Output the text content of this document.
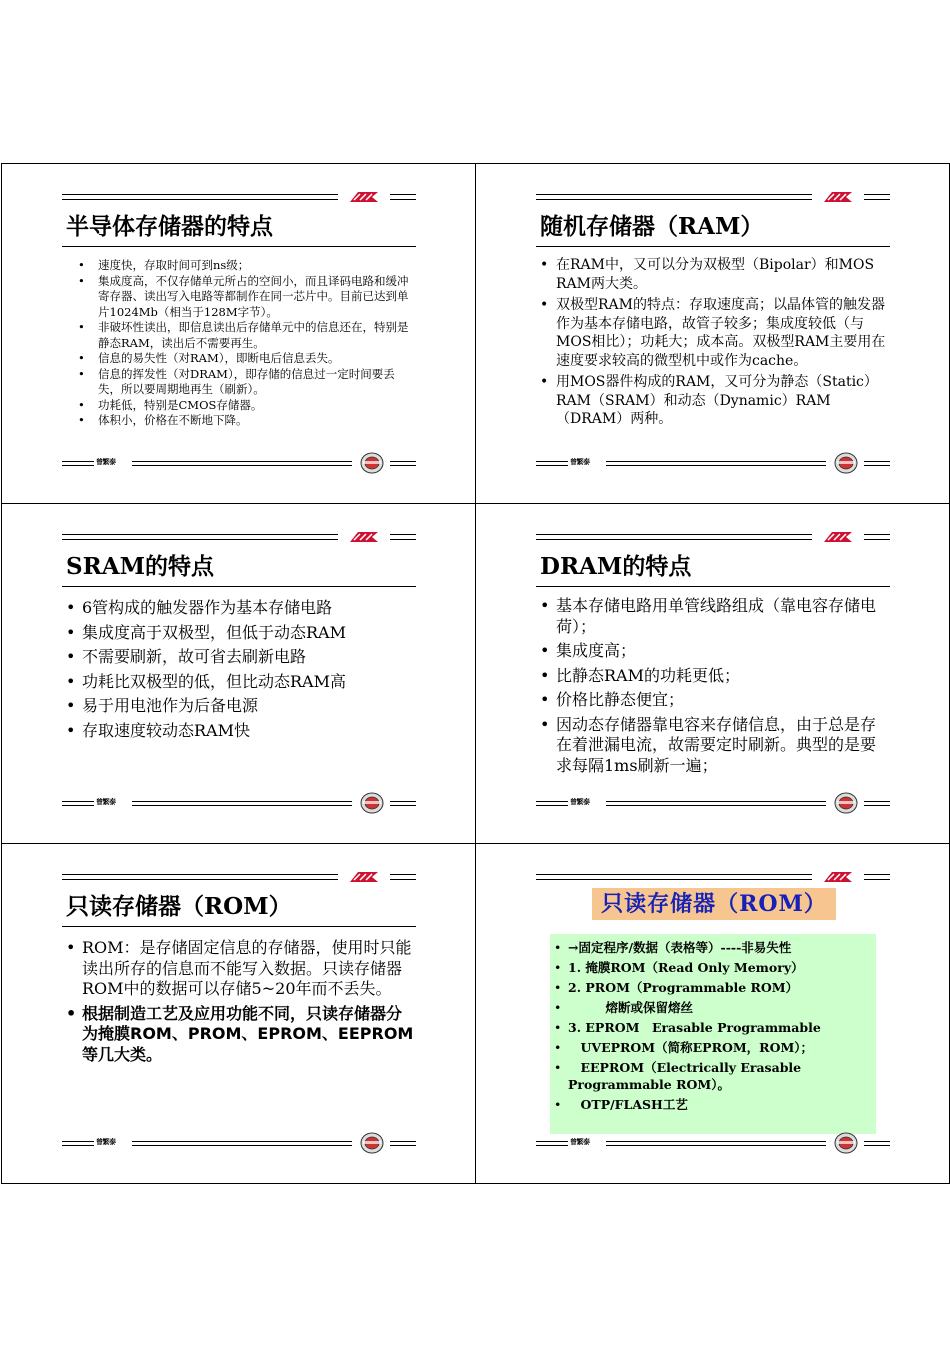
半导体存储器的特点
• 速度快，存取时间可到ns级；
• 集成度高，不仅存储单元所占的空间小，而且译码电路和缓冲寄存器、读出写入电路等都制作在同一芯片中。目前已达到单片1024Mb（相当于128M字节）。
• 非破坏性读出，即信息读出后存储单元中的信息还在，特别是静态RAM，读出后不需要再生。
• 信息的易失性（对RAM），即断电后信息丢失。
• 信息的挥发性（对DRAM），即存储的信息过一定时间要丢失，所以要周期地再生（刷新）。
• 功耗低，特别是CMOS存储器。
• 体积小，价格在不断地下降。
曾繁泰
随机存储器（RAM）
• 在RAM中，又可以分为双极型（Bipolar）和MOS RAM两大类。
• 双极型RAM的特点：存取速度高；以晶体管的触发器作为基本存储电路，故管子较多；集成度较低（与MOS相比）；功耗大；成本高。双极型RAM主要用在速度要求较高的微型机中或作为cache。
• 用MOS器件构成的RAM，又可分为静态（Static）RAM（SRAM）和动态（Dynamic）RAM（DRAM）两种。
曾繁泰
SRAM的特点
• 6管构成的触发器作为基本存储电路
• 集成度高于双极型，但低于动态RAM
• 不需要刷新，故可省去刷新电路
• 功耗比双极型的低，但比动态RAM高
• 易于用电池作为后备电源
• 存取速度较动态RAM快
曾繁泰
DRAM的特点
• 基本存储电路用单管线路组成（靠电容存储电荷）；
• 集成度高；
• 比静态RAM的功耗更低；
• 价格比静态便宜；
• 因动态存储器靠电容来存储信息，由于总是存在着泄漏电流，故需要定时刷新。典型的是要求每隔1ms刷新一遍；
曾繁泰
只读存储器（ROM）
• ROM：是存储固定信息的存储器，使用时只能读出所存的信息而不能写入数据。只读存储器ROM中的数据可以存储5~20年而不丢失。
• 根据制造工艺及应用功能不同，只读存储器分为掩膜ROM、PROM、EPROM、EEPROM等几大类。
曾繁泰
只读存储器（ROM）
• →固定程序/数据（表格等）----非易失性
• 1. 掩膜ROM（Read Only Memory）
• 2. PROM（Programmable ROM）
• 　　　熔断或保留熔丝
• 3. EPROM　Erasable Programmable
• 　UVEPROM（简称EPROM，ROM）；
• 　EEPROM（Electrically Erasable Programmable ROM）。
• 　OTP/FLASH工艺
曾繁泰
